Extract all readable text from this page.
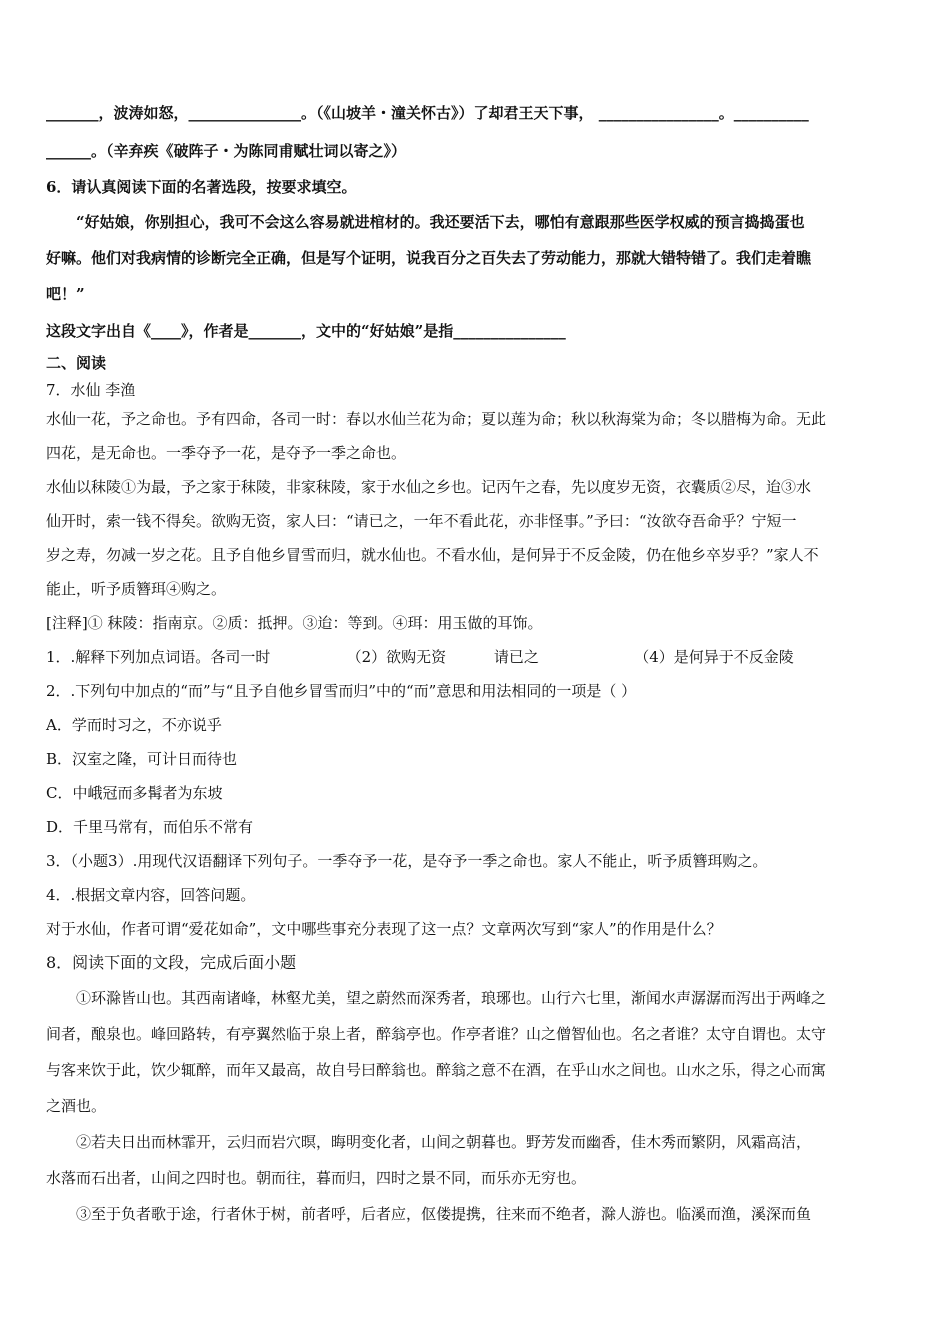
_______，波涛如怒，_______________。（《山坡羊・潼关怀古》）了却君王天下事， ________________。__________

______。（辛弃疾《破阵子・为陈同甫赋壮词以寄之》）

6．请认真阅读下面的名著选段，按要求填空。

“好姑娘，你别担心，我可不会这么容易就进棺材的。我还要活下去，哪怕有意跟那些医学权威的预言捣捣蛋也

好嘛。他们对我病情的诊断完全正确，但是写个证明，说我百分之百失去了劳动能力，那就大错特错了。我们走着瞧

吧！”

这段文字出自《____》，作者是_______，文中的“好姑娘”是指_______________

二、阅读

7．水仙 李渔

水仙一花，予之命也。予有四命，各司一时：春以水仙兰花为命；夏以莲为命；秋以秋海棠为命；冬以腊梅为命。无此

四花，是无命也。一季夺予一花，是夺予一季之命也。

水仙以秣陵①为最，予之家于秣陵，非家秣陵，家于水仙之乡也。记丙午之春，先以度岁无资，衣囊质②尽，迨③水

仙开时，索一钱不得矣。欲购无资，家人曰：“请已之，一年不看此花，亦非怪事。”予曰：“汝欲夺吾命乎？宁短一

岁之寿，勿减一岁之花。且予自他乡冒雪而归，就水仙也。不看水仙，是何异于不反金陵，仍在他乡卒岁乎？”家人不

能止，听予质簪珥④购之。

[注释]① 秣陵：指南京。②质：抵押。③迨：等到。④珥：用玉做的耳饰。

1．.解释下列加点词语。各司一时                （2）欲购无资          请已之                    （4）是何异于不反金陵

2．.下列句中加点的“而”与“且予自他乡冒雪而归”中的“而”意思和用法相同的一项是（ ）

A．学而时习之，不亦说乎

B．汉室之隆，可计日而待也

C．中峨冠而多髯者为东坡

D．千里马常有，而伯乐不常有

3．（小题3）.用现代汉语翻译下列句子。一季夺予一花，是夺予一季之命也。家人不能止，听予质簪珥购之。

4．.根据文章内容，回答问题。

对于水仙，作者可谓“爱花如命”，文中哪些事充分表现了这一点？文章两次写到“家人”的作用是什么？

8．阅读下面的文段，完成后面小题

①环滁皆山也。其西南诸峰，林壑尤美，望之蔚然而深秀者，琅琊也。山行六七里，渐闻水声潺潺而泻出于两峰之

间者，酿泉也。峰回路转，有亭翼然临于泉上者，醉翁亭也。作亭者谁？山之僧智仙也。名之者谁？太守自谓也。太守

与客来饮于此，饮少辄醉，而年又最高，故自号曰醉翁也。醉翁之意不在酒，在乎山水之间也。山水之乐，得之心而寓

之酒也。

②若夫日出而林霏开，云归而岩穴暝，晦明变化者，山间之朝暮也。野芳发而幽香，佳木秀而繁阴，风霜高洁，

水落而石出者，山间之四时也。朝而往，暮而归，四时之景不同，而乐亦无穷也。

③至于负者歌于途，行者休于树，前者呼，后者应，伛偻提携，往来而不绝者，滁人游也。临溪而渔，溪深而鱼
